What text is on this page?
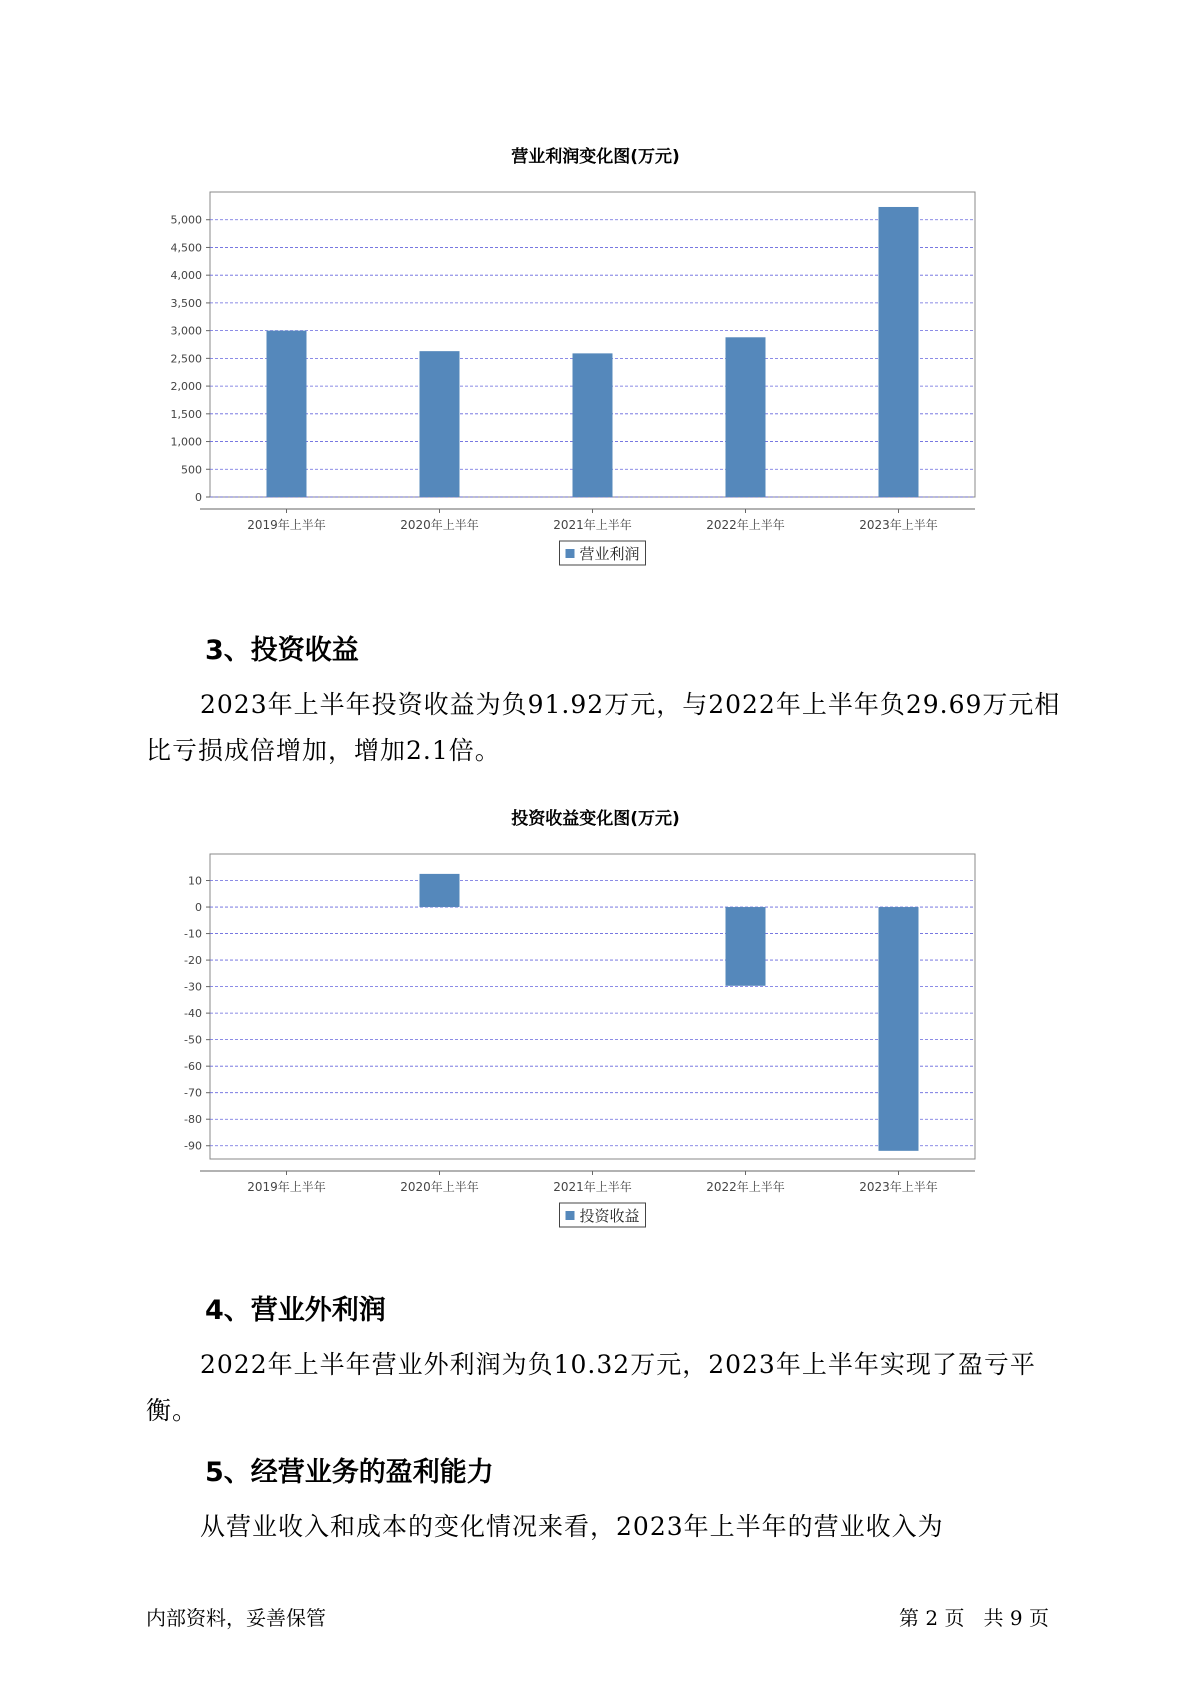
营业利润变化图(万元)
0
500
1,000
1,500
2,000
2,500
3,000
3,500
4,000
4,500
5,000
2019年上半年	2020年上半年	2021年上半年	2022年上半年	2023年上半年
营业利润
3、投资收益

2023年上半年投资收益为负91.92万元，与2022年上半年负29.69万元相比亏损成倍增加，增加2.1倍。

投资收益变化图(万元)
10
0
-10
-20
-30
-40
-50
-60
-70
-80
-90
2019年上半年	2020年上半年	2021年上半年	2022年上半年	2023年上半年
投资收益
4、营业外利润

2022年上半年营业外利润为负10.32万元，2023年上半年实现了盈亏平衡。

5、经营业务的盈利能力

从营业收入和成本的变化情况来看，2023年上半年的营业收入为

内部资料，妥善保管	第 2 页   共 9 页
